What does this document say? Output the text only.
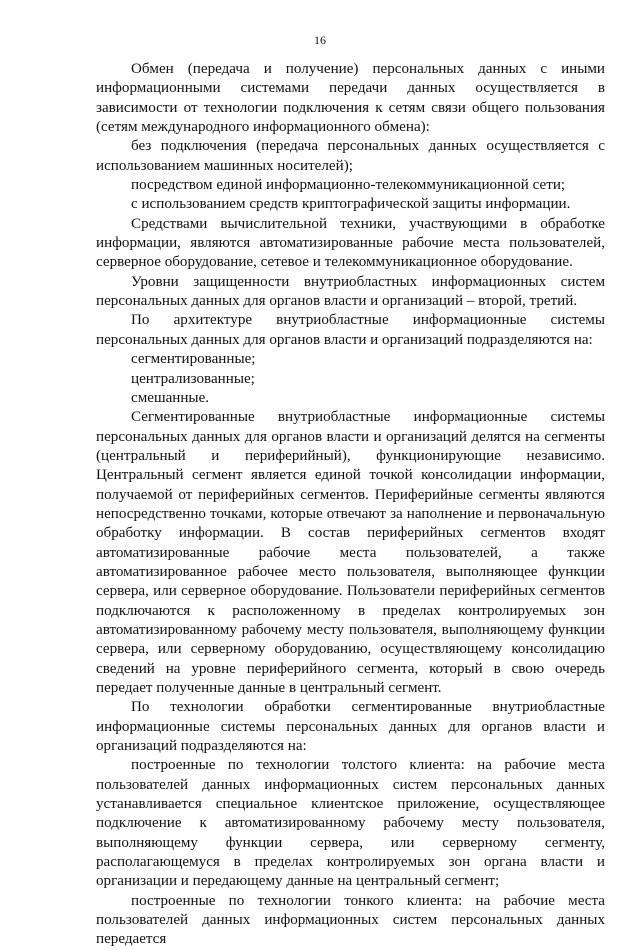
16

Обмен (передача и получение) персональных данных с иными информационными системами передачи данных осуществляется в зависимости от технологии подключения к сетям связи общего пользования (сетям международного информационного обмена):

без подключения (передача персональных данных осуществляется с использованием машинных носителей);

посредством единой информационно-телекоммуникационной сети;

с использованием средств криптографической защиты информации.

Средствами вычислительной техники, участвующими в обработке информации, являются автоматизированные рабочие места пользователей, серверное оборудование, сетевое и телекоммуникационное оборудование.

Уровни защищенности внутриобластных информационных систем персональных данных для органов власти и организаций – второй, третий.

По архитектуре внутриобластные информационные системы персональных данных для органов власти и организаций подразделяются на:

сегментированные;

централизованные;

смешанные.

Сегментированные внутриобластные информационные системы персональных данных для органов власти и организаций делятся на сегменты (центральный и периферийный), функционирующие независимо. Центральный сегмент является единой точкой консолидации информации, получаемой от периферийных сегментов. Периферийные сегменты являются непосредственно точками, которые отвечают за наполнение и первоначальную обработку информации. В состав периферийных сегментов входят автоматизированные рабочие места пользователей, а также автоматизированное рабочее место пользователя, выполняющее функции сервера, или серверное оборудование. Пользователи периферийных сегментов подключаются к расположенному в пределах контролируемых зон автоматизированному рабочему месту пользователя, выполняющему функции сервера, или серверному оборудованию, осуществляющему консолидацию сведений на уровне периферийного сегмента, который в свою очередь передает полученные данные в центральный сегмент.

По технологии обработки сегментированные внутриобластные информационные системы персональных данных для органов власти и организаций подразделяются на:

построенные по технологии толстого клиента: на рабочие места пользователей данных информационных систем персональных данных устанавливается специальное клиентское приложение, осуществляющее подключение к автоматизированному рабочему месту пользователя, выполняющему функции сервера, или серверному сегменту, располагающемуся в пределах контролируемых зон органа власти и организации и передающему данные на центральный сегмент;

построенные по технологии тонкого клиента: на рабочие места пользователей данных информационных систем персональных данных передается
